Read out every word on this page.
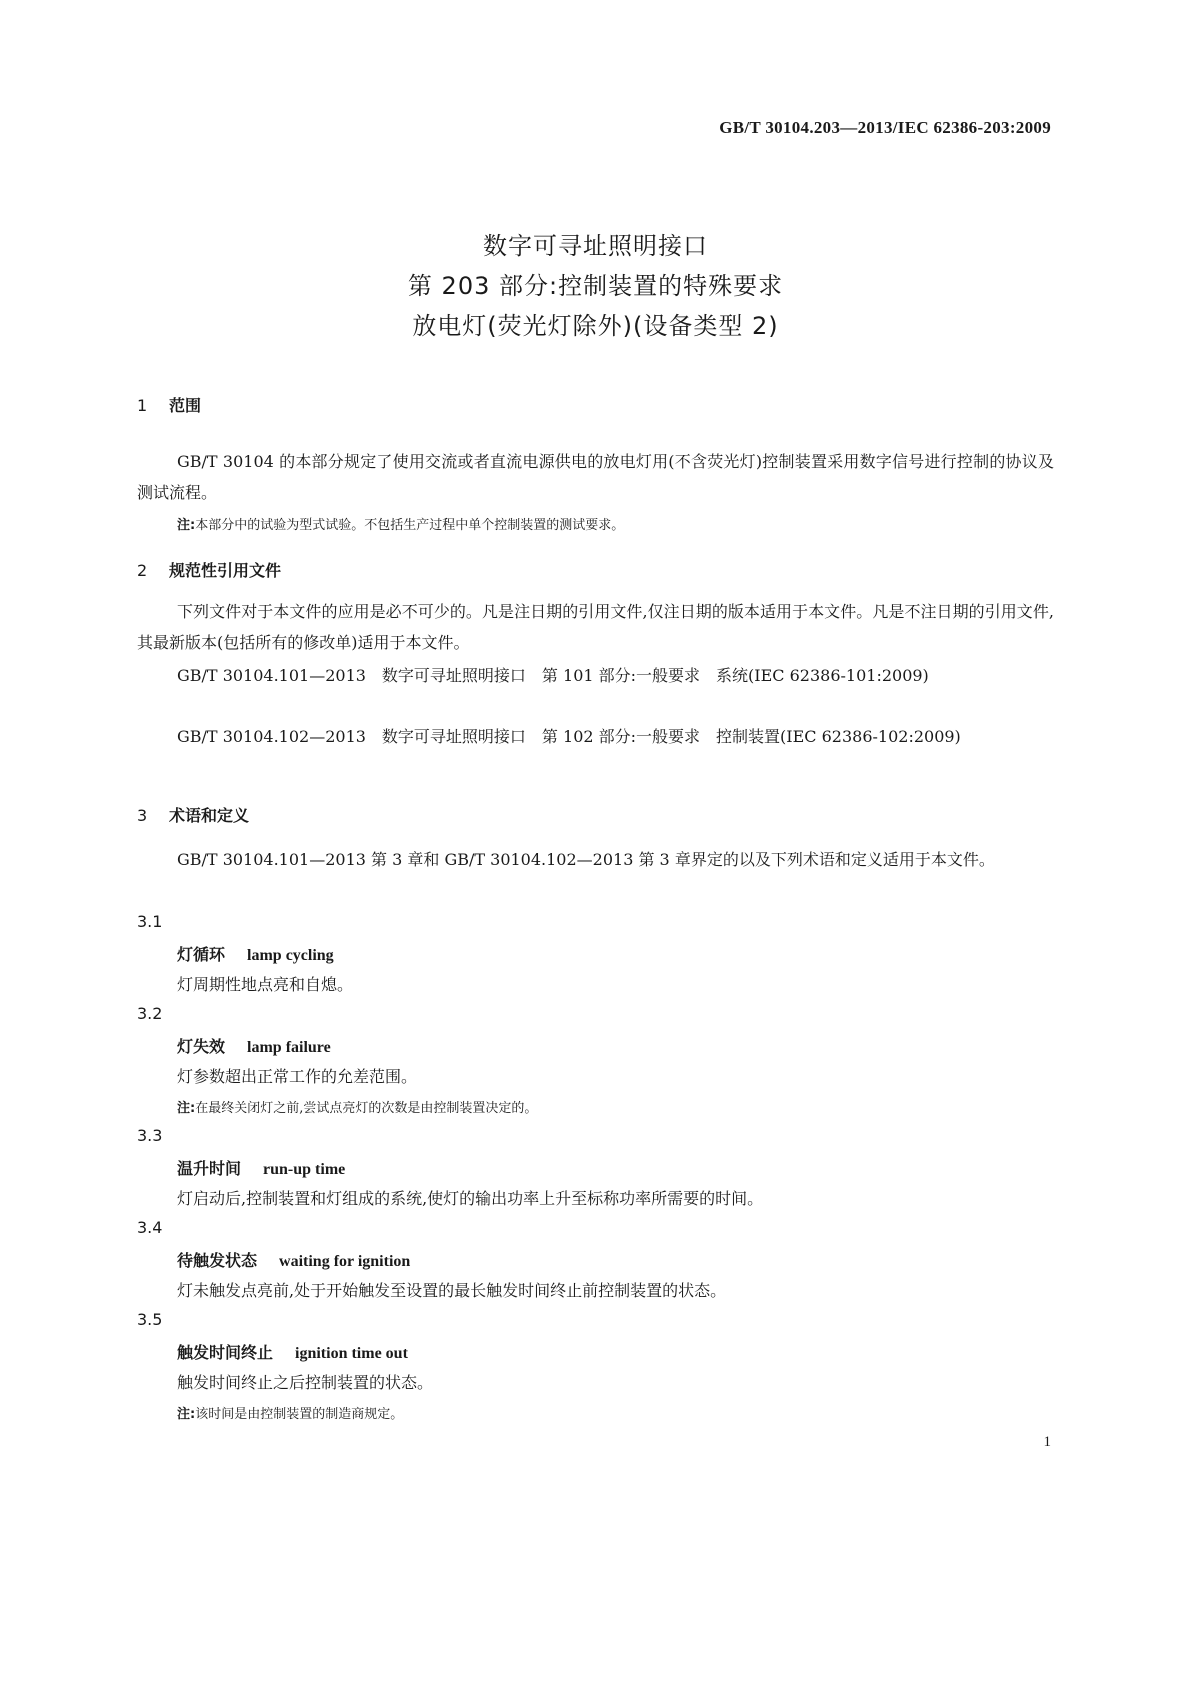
GB/T 30104.203—2013/IEC 62386-203:2009
数字可寻址照明接口
第 203 部分:控制装置的特殊要求
放电灯(荧光灯除外)(设备类型 2)
1 范围
GB/T 30104 的本部分规定了使用交流或者直流电源供电的放电灯用(不含荧光灯)控制装置采用数字信号进行控制的协议及测试流程。
注:本部分中的试验为型式试验。不包括生产过程中单个控制装置的测试要求。
2 规范性引用文件
下列文件对于本文件的应用是必不可少的。凡是注日期的引用文件,仅注日期的版本适用于本文件。凡是不注日期的引用文件,其最新版本(包括所有的修改单)适用于本文件。
GB/T 30104.101—2013　数字可寻址照明接口　第 101 部分:一般要求　系统(IEC 62386-101:2009)
GB/T 30104.102—2013　数字可寻址照明接口　第 102 部分:一般要求　控制装置(IEC 62386-102:2009)
3 术语和定义
GB/T 30104.101—2013 第 3 章和 GB/T 30104.102—2013 第 3 章界定的以及下列术语和定义适用于本文件。
3.1
灯循环 lamp cycling
灯周期性地点亮和自熄。
3.2
灯失效 lamp failure
灯参数超出正常工作的允差范围。
注:在最终关闭灯之前,尝试点亮灯的次数是由控制装置决定的。
3.3
温升时间 run-up time
灯启动后,控制装置和灯组成的系统,使灯的输出功率上升至标称功率所需要的时间。
3.4
待触发状态 waiting for ignition
灯未触发点亮前,处于开始触发至设置的最长触发时间终止前控制装置的状态。
3.5
触发时间终止 ignition time out
触发时间终止之后控制装置的状态。
注:该时间是由控制装置的制造商规定。
1
